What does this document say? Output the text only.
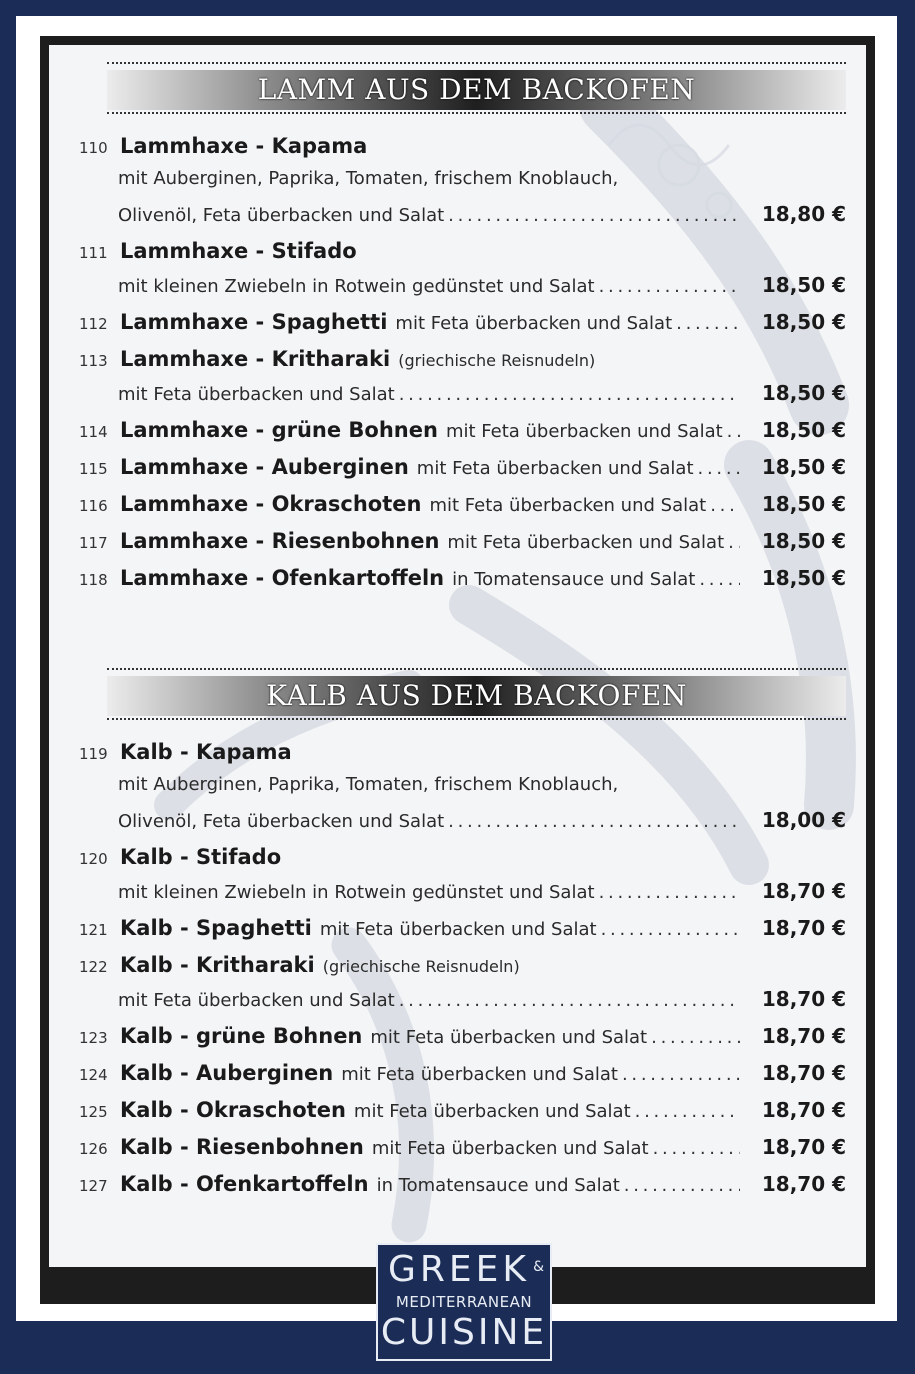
LAMM AUS DEM BACKOFEN
110 Lammhaxe - Kapama
mit Auberginen, Paprika, Tomaten, frischem Knoblauch,
Olivenöl, Feta überbacken und Salat . . .	18,80 €
111 Lammhaxe - Stifado
mit kleinen Zwiebeln in Rotwein gedünstet und Salat . . .	18,50 €
112 Lammhaxe - Spaghetti mit Feta überbacken und Salat . . .	18,50 €
113 Lammhaxe - Kritharaki (griechische Reisnudeln)
mit Feta überbacken und Salat . . .	18,50 €
114 Lammhaxe - grüne Bohnen mit Feta überbacken und Salat . . . 18,50 €
115 Lammhaxe - Auberginen mit Feta überbacken und Salat . . .	18,50 €
116 Lammhaxe - Okraschoten mit Feta überbacken und Salat . . .	18,50 €
117 Lammhaxe - Riesenbohnen mit Feta überbacken und Salat . . . 18,50 €
118 Lammhaxe - Ofenkartoffeln in Tomatensauce und Salat . . .	18,50 €
KALB AUS DEM BACKOFEN
119 Kalb - Kapama
mit Auberginen, Paprika, Tomaten, frischem Knoblauch,
Olivenöl, Feta überbacken und Salat . . .	18,00 €
120 Kalb - Stifado
mit kleinen Zwiebeln in Rotwein gedünstet und Salat . . .	18,70 €
121 Kalb - Spaghetti mit Feta überbacken und Salat . . .	18,70 €
122 Kalb - Kritharaki (griechische Reisnudeln)
mit Feta überbacken und Salat . . .	18,70 €
123 Kalb - grüne Bohnen mit Feta überbacken und Salat . . .	18,70 €
124 Kalb - Auberginen mit Feta überbacken und Salat . . .	18,70 €
125 Kalb - Okraschoten mit Feta überbacken und Salat . . .	18,70 €
126 Kalb - Riesenbohnen mit Feta überbacken und Salat . . .	18,70 €
127 Kalb - Ofenkartoffeln in Tomatensauce und Salat . . .	18,70 €
GREEK &
MEDITERRANEAN
CUISINE
